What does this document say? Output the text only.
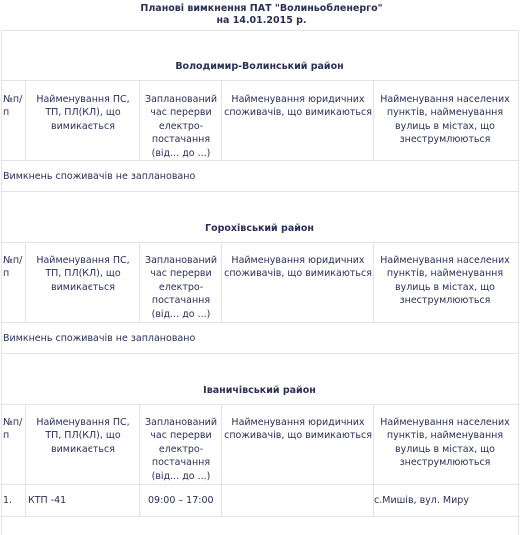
Планові вимкнення ПАТ "Волиньобленерго"
на 14.01.2015 р.
Володимир-Волинський район
№п/п
Найменування ПС, ТП, ПЛ(КЛ), що вимикається
Запланований час перерви електро-постачання (від... до ...)
Найменування юридичних споживачів, що вимикаються
Найменування населених пунктів, найменування вулиць в містах, що знеструмлюються
Вимкнень споживачів не заплановано
Горохівський район
№п/п
Найменування ПС, ТП, ПЛ(КЛ), що вимикається
Запланований час перерви електро-постачання (від... до ...)
Найменування юридичних споживачів, що вимикаються
Найменування населених пунктів, найменування вулиць в містах, що знеструмлюються
Вимкнень споживачів не заплановано
Іваничівський район
№п/п
Найменування ПС, ТП, ПЛ(КЛ), що вимикається
Запланований час перерви електро-постачання (від... до ...)
Найменування юридичних споживачів, що вимикаються
Найменування населених пунктів, найменування вулиць в містах, що знеструмлюються
1. КТП -41	09:00 – 17:00	с.Мишів, вул. Миру
